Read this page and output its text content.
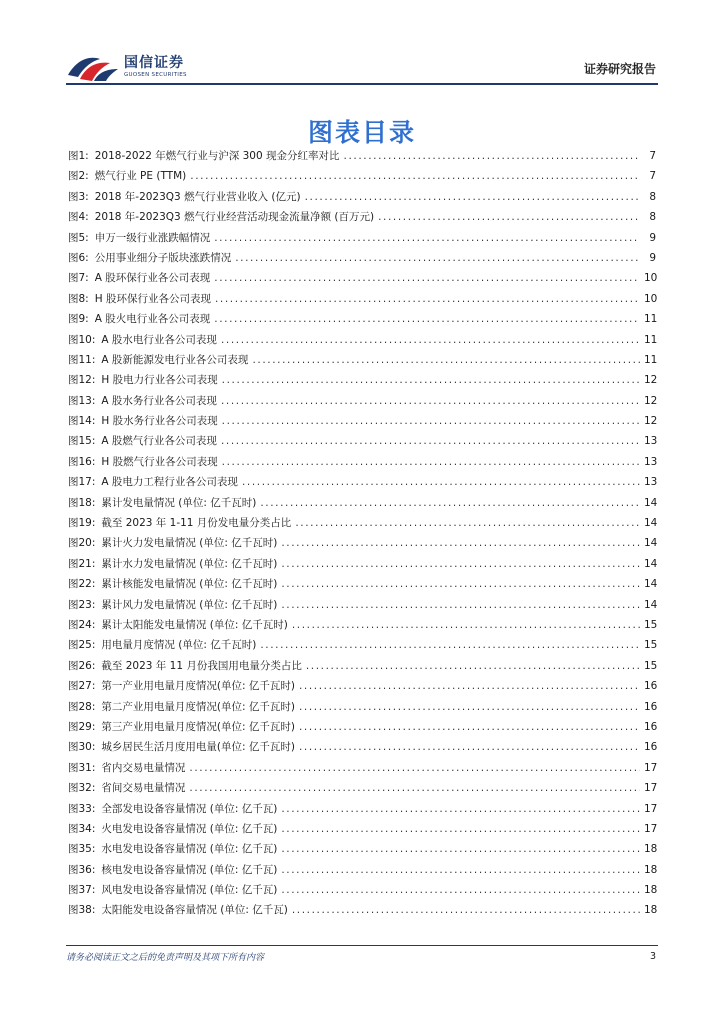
国信证券
GUOSEN SECURITIES	证券研究报告
图表目录
图1: 2018-2022 年燃气行业与沪深 300 现金分红率对比 .....	7
图2: 燃气行业 PE (TTM) .....	7
图3: 2018 年-2023Q3 燃气行业营业收入 (亿元) .....	8
图4: 2018 年-2023Q3 燃气行业经营活动现金流量净额 (百万元) .....	8
图5: 申万一级行业涨跌幅情况 .....	9
图6: 公用事业细分子版块涨跌情况 .....	9
图7: A 股环保行业各公司表现 .....	10
图8: H 股环保行业各公司表现 .....	10
图9: A 股火电行业各公司表现 .....	11
图10: A 股水电行业各公司表现 .....	11
图11: A 股新能源发电行业各公司表现 .....	11
图12: H 股电力行业各公司表现 .....	12
图13: A 股水务行业各公司表现 .....	12
图14: H 股水务行业各公司表现 .....	12
图15: A 股燃气行业各公司表现 .....	13
图16: H 股燃气行业各公司表现 .....	13
图17: A 股电力工程行业各公司表现 .....	13
图18: 累计发电量情况 (单位: 亿千瓦时) .....	14
图19: 截至 2023 年 1-11 月份发电量分类占比 .....	14
图20: 累计火力发电量情况 (单位: 亿千瓦时) .....	14
图21: 累计水力发电量情况 (单位: 亿千瓦时) .....	14
图22: 累计核能发电量情况 (单位: 亿千瓦时) .....	14
图23: 累计风力发电量情况 (单位: 亿千瓦时) .....	14
图24: 累计太阳能发电量情况 (单位: 亿千瓦时) .....	15
图25: 用电量月度情况 (单位: 亿千瓦时) .....	15
图26: 截至 2023 年 11 月份我国用电量分类占比 .....	15
图27: 第一产业用电量月度情况(单位: 亿千瓦时) .....	16
图28: 第二产业用电量月度情况(单位: 亿千瓦时) .....	16
图29: 第三产业用电量月度情况(单位: 亿千瓦时) .....	16
图30: 城乡居民生活月度用电量(单位: 亿千瓦时) .....	16
图31: 省内交易电量情况 .....	17
图32: 省间交易电量情况 .....	17
图33: 全部发电设备容量情况 (单位: 亿千瓦) .....	17
图34: 火电发电设备容量情况 (单位: 亿千瓦) .....	17
图35: 水电发电设备容量情况 (单位: 亿千瓦) .....	18
图36: 核电发电设备容量情况 (单位: 亿千瓦) .....	18
图37: 风电发电设备容量情况 (单位: 亿千瓦) .....	18
图38: 太阳能发电设备容量情况 (单位: 亿千瓦) .....	18
请务必阅读正文之后的免责声明及其项下所有内容	3
